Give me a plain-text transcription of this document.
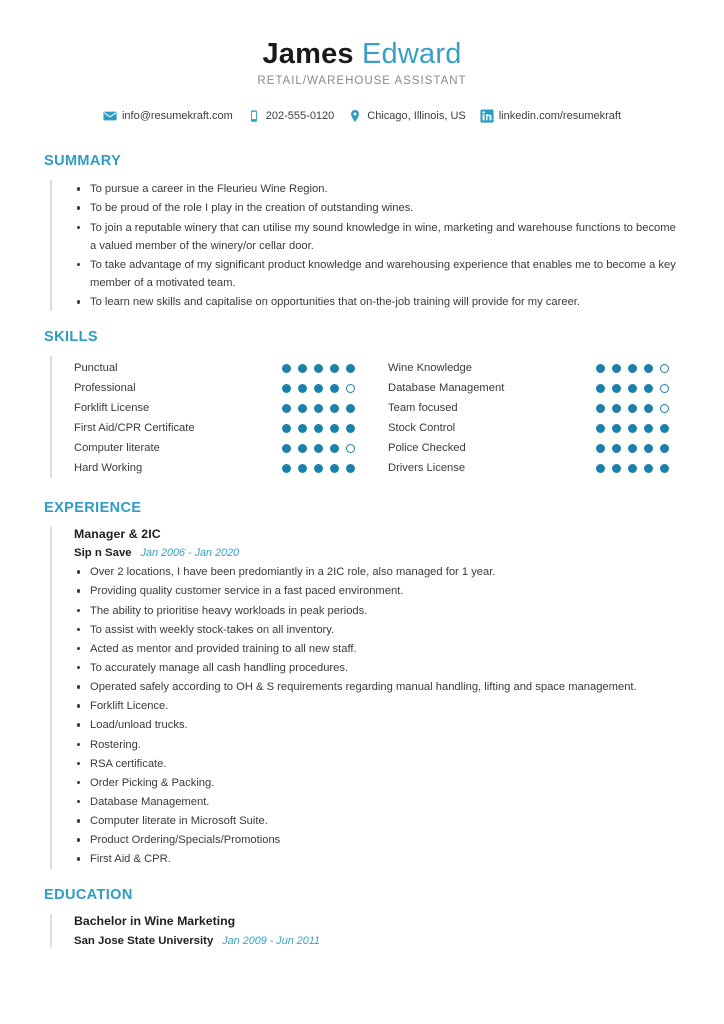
James Edward
RETAIL/WAREHOUSE ASSISTANT
info@resumekraft.com	202-555-0120	Chicago, Illinois, US	linkedin.com/resumekraft
SUMMARY
To pursue a career in the Fleurieu Wine Region.
To be proud of the role I play in the creation of outstanding wines.
To join a reputable winery that can utilise my sound knowledge in wine, marketing and warehouse functions to become a valued member of the winery/or cellar door.
To take advantage of my significant product knowledge and warehousing experience that enables me to become a key member of a motivated team.
To learn new skills and capitalise on opportunities that on-the-job training will provide for my career.
SKILLS
Punctual
Professional
Forklift License
First Aid/CPR Certificate
Computer literate
Hard Working
Wine Knowledge
Database Management
Team focused
Stock Control
Police Checked
Drivers License
EXPERIENCE
Manager & 2IC
Sip n Save Jan 2006 - Jan 2020
Over 2 locations, I have been predomiantly in a 2IC role, also managed for 1 year.
Providing quality customer service in a fast paced environment.
The ability to prioritise heavy workloads in peak periods.
To assist with weekly stock-takes on all inventory.
Acted as mentor and provided training to all new staff.
To accurately manage all cash handling procedures.
Operated safely according to OH & S requirements regarding manual handling, lifting and space management.
Forklift Licence.
Load/unload trucks.
Rostering.
RSA certificate.
Order Picking & Packing.
Database Management.
Computer literate in Microsoft Suite.
Product Ordering/Specials/Promotions
First Aid & CPR.
EDUCATION
Bachelor in Wine Marketing
San Jose State University Jan 2009 - Jun 2011
